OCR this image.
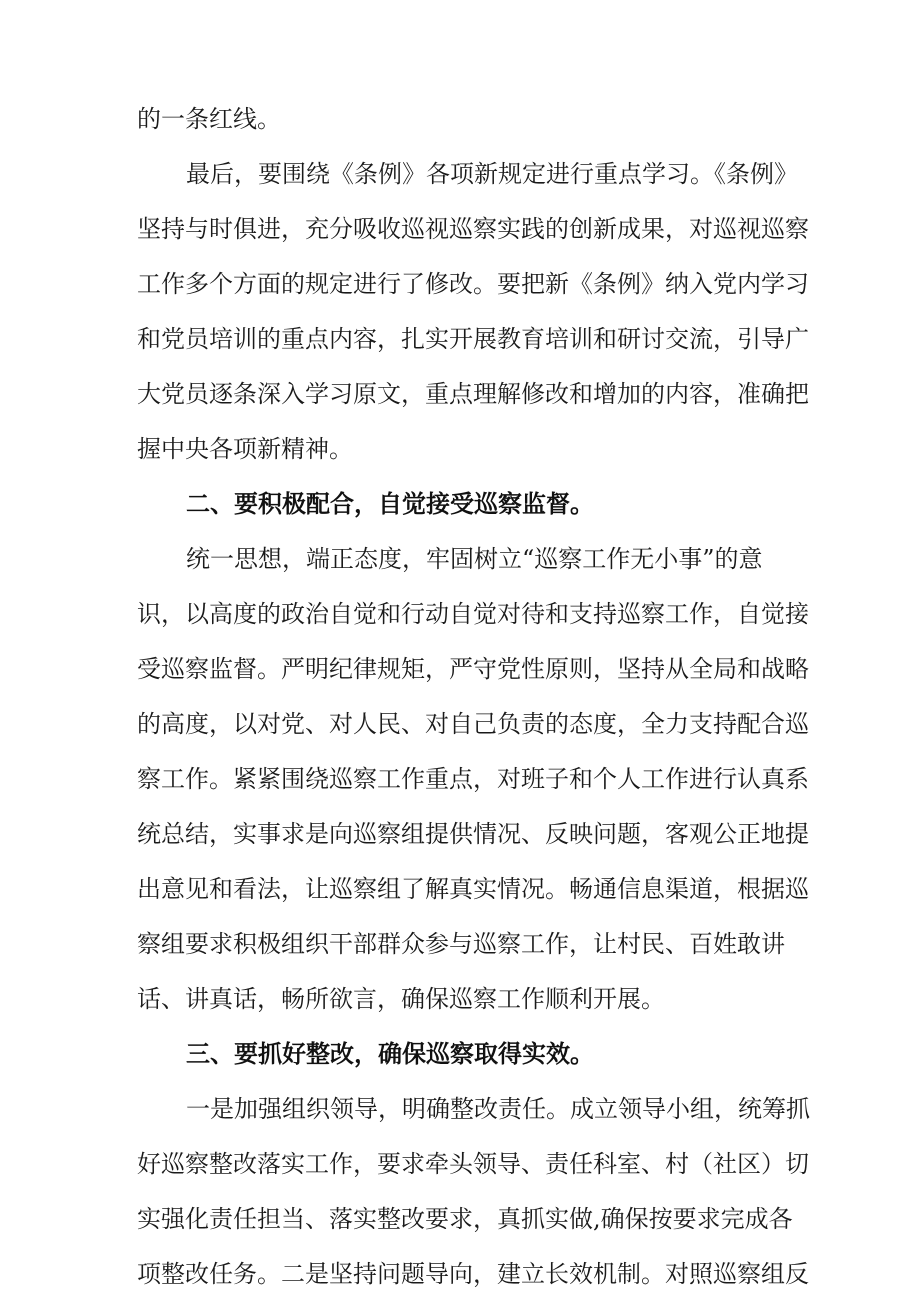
的一条红线。
最后，要围绕《条例》各项新规定进行重点学习。《条例》
坚持与时俱进，充分吸收巡视巡察实践的创新成果，对巡视巡察
工作多个方面的规定进行了修改。要把新《条例》纳入党内学习
和党员培训的重点内容，扎实开展教育培训和研讨交流，引导广
大党员逐条深入学习原文，重点理解修改和增加的内容，准确把
握中央各项新精神。
二、要积极配合，自觉接受巡察监督。
统一思想，端正态度，牢固树立“巡察工作无小事”的意
识，以高度的政治自觉和行动自觉对待和支持巡察工作，自觉接
受巡察监督。严明纪律规矩，严守党性原则，坚持从全局和战略
的高度，以对党、对人民、对自己负责的态度，全力支持配合巡
察工作。紧紧围绕巡察工作重点，对班子和个人工作进行认真系
统总结，实事求是向巡察组提供情况、反映问题，客观公正地提
出意见和看法，让巡察组了解真实情况。畅通信息渠道，根据巡
察组要求积极组织干部群众参与巡察工作，让村民、百姓敢讲
话、讲真话，畅所欲言，确保巡察工作顺利开展。
三、要抓好整改，确保巡察取得实效。
一是加强组织领导，明确整改责任。成立领导小组，统筹抓
好巡察整改落实工作，要求牵头领导、责任科室、村（社区）切
实强化责任担当、落实整改要求，真抓实做,确保按要求完成各
项整改任务。二是坚持问题导向，建立长效机制。对照巡察组反
